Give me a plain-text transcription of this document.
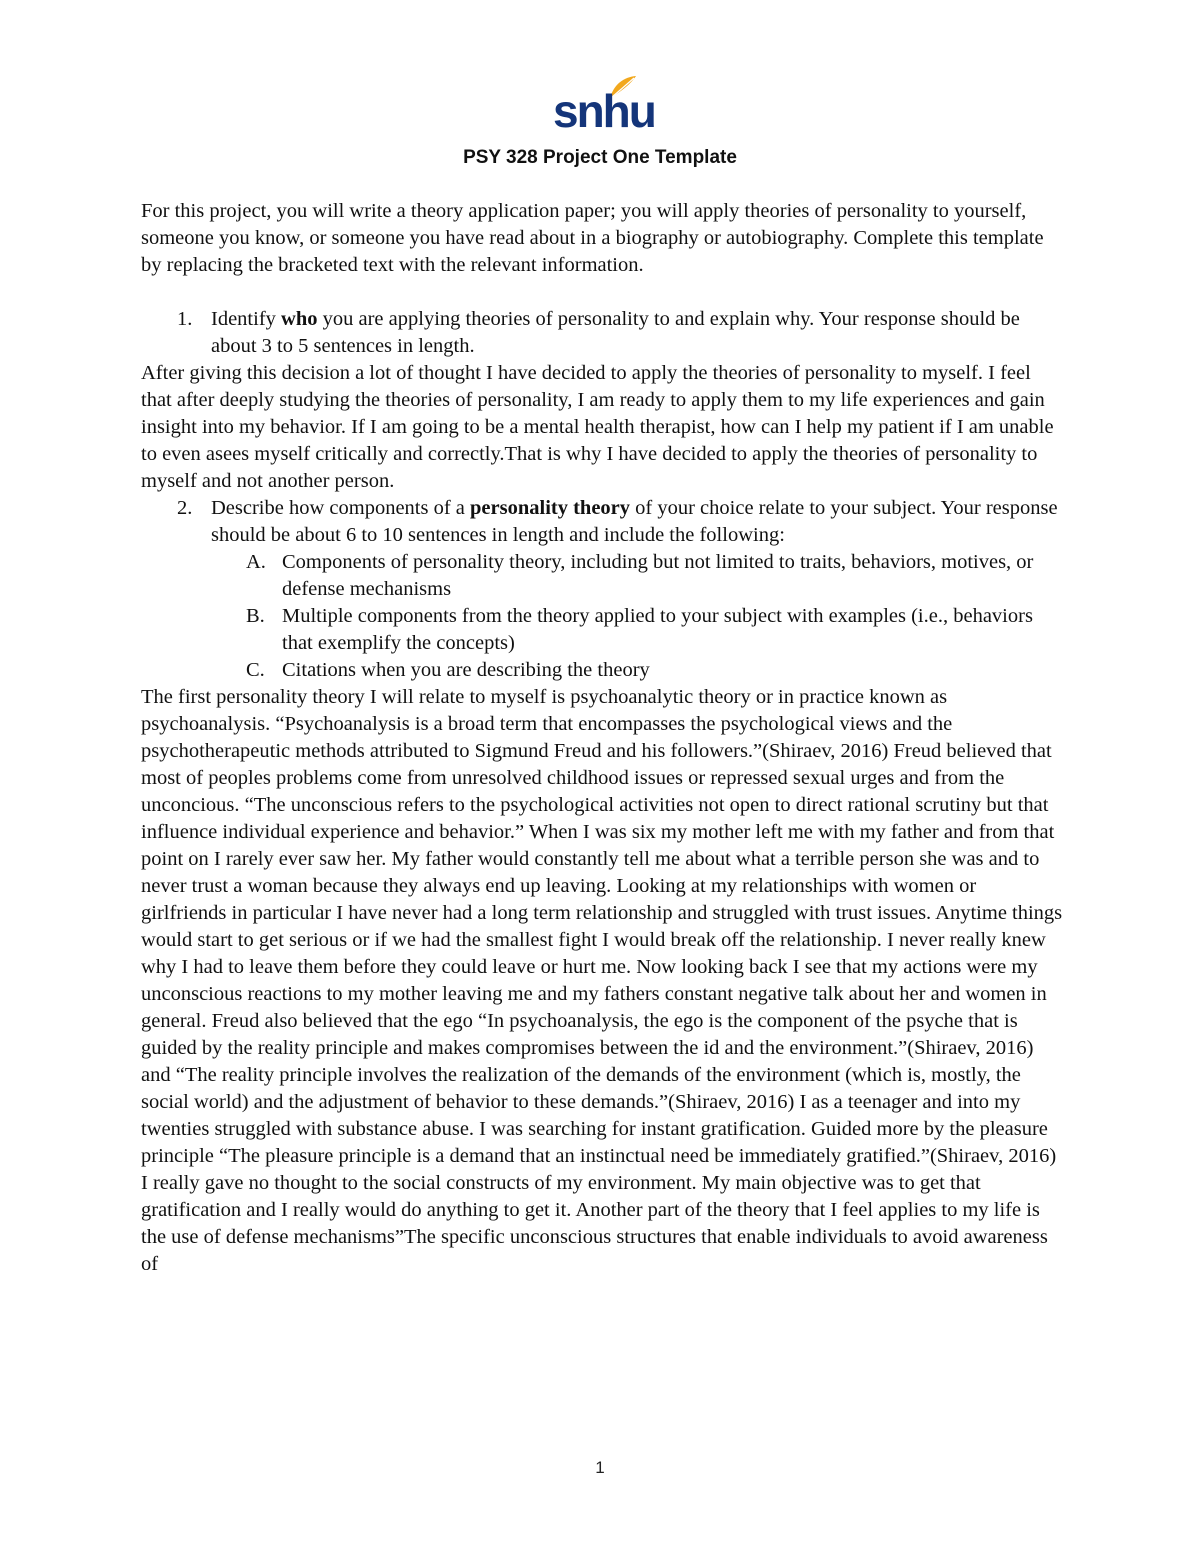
snhu
PSY 328 Project One Template

For this project, you will write a theory application paper; you will apply theories of personality to yourself, someone you know, or someone you have read about in a biography or autobiography. Complete this template by replacing the bracketed text with the relevant information.

1. Identify who you are applying theories of personality to and explain why. Your response should be about 3 to 5 sentences in length.

After giving this decision a lot of thought I have decided to apply the theories of personality to myself. I feel that after deeply studying the theories of personality, I am ready to apply them to my life experiences and gain insight into my behavior. If I am going to be a mental health therapist, how can I help my patient if I am unable to even asees myself critically and correctly.That is why I have decided to apply the theories of personality to myself and not another person.

2. Describe how components of a personality theory of your choice relate to your subject. Your response should be about 6 to 10 sentences in length and include the following:

A. Components of personality theory, including but not limited to traits, behaviors, motives, or defense mechanisms

B. Multiple components from the theory applied to your subject with examples (i.e., behaviors that exemplify the concepts)

C. Citations when you are describing the theory

The first personality theory I will relate to myself is psychoanalytic theory or in practice known as psychoanalysis. “Psychoanalysis is a broad term that encompasses the psychological views and the psychotherapeutic methods attributed to Sigmund Freud and his followers.”(Shiraev, 2016) Freud believed that most of peoples problems come from unresolved childhood issues or repressed sexual urges and from the unconcious. “The unconscious refers to the psychological activities not open to direct rational scrutiny but that influence individual experience and behavior.” When I was six my mother left me with my father and from that point on I rarely ever saw her. My father would constantly tell me about what a terrible person she was and to never trust a woman because they always end up leaving. Looking at my relationships with women or girlfriends in particular I have never had a long term relationship and struggled with trust issues. Anytime things would start to get serious or if we had the smallest fight I would break off the relationship. I never really knew why I had to leave them before they could leave or hurt me. Now looking back I see that my actions were my unconscious reactions to my mother leaving me and my fathers constant negative talk about her and women in general. Freud also believed that the ego “In psychoanalysis, the ego is the component of the psyche that is guided by the reality principle and makes compromises between the id and the environment.”(Shiraev, 2016) and “The reality principle involves the realization of the demands of the environment (which is, mostly, the social world) and the adjustment of behavior to these demands.”(Shiraev, 2016) I as a teenager and into my twenties struggled with substance abuse. I was searching for instant gratification. Guided more by the pleasure principle “The pleasure principle is a demand that an instinctual need be immediately gratified.”(Shiraev, 2016) I really gave no thought to the social constructs of my environment. My main objective was to get that gratification and I really would do anything to get it. Another part of the theory that I feel applies to my life is the use of defense mechanisms”The specific unconscious structures that enable individuals to avoid awareness of

1
